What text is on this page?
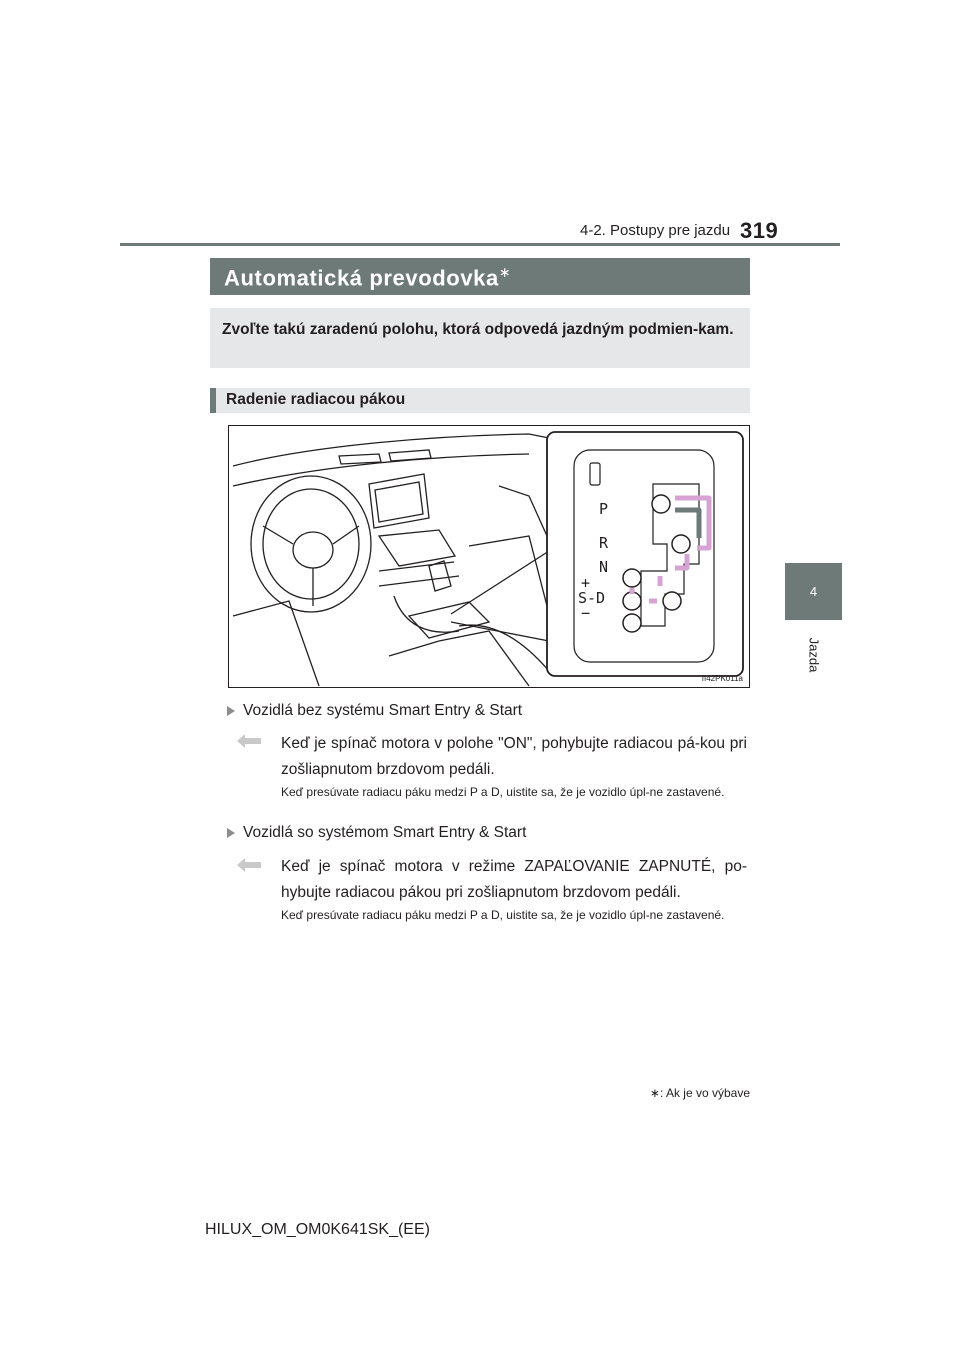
4-2. Postupy pre jazdu 319
4
Jazda
Automatická prevodovka∗
Zvoľte takú zaradenú polohu, ktorá odpovedá jazdným podmien-kam.
Radenie radiacou pákou
P
R
N
+
S-D
−
II42PK011a
Vozidlá bez systému Smart Entry & Start
Keď je spínač motora v polohe "ON", pohybujte radiacou pá-kou pri zošliapnutom brzdovom pedáli.
Keď presúvate radiacu páku medzi P a D, uistite sa, že je vozidlo úpl-ne zastavené.
Vozidlá so systémom Smart Entry & Start
Keď je spínač motora v režime ZAPAĽOVANIE ZAPNUTÉ, po-hybujte radiacou pákou pri zošliapnutom brzdovom pedáli.
Keď presúvate radiacu páku medzi P a D, uistite sa, že je vozidlo úpl-ne zastavené.
∗: Ak je vo výbave
HILUX_OM_OM0K641SK_(EE)
